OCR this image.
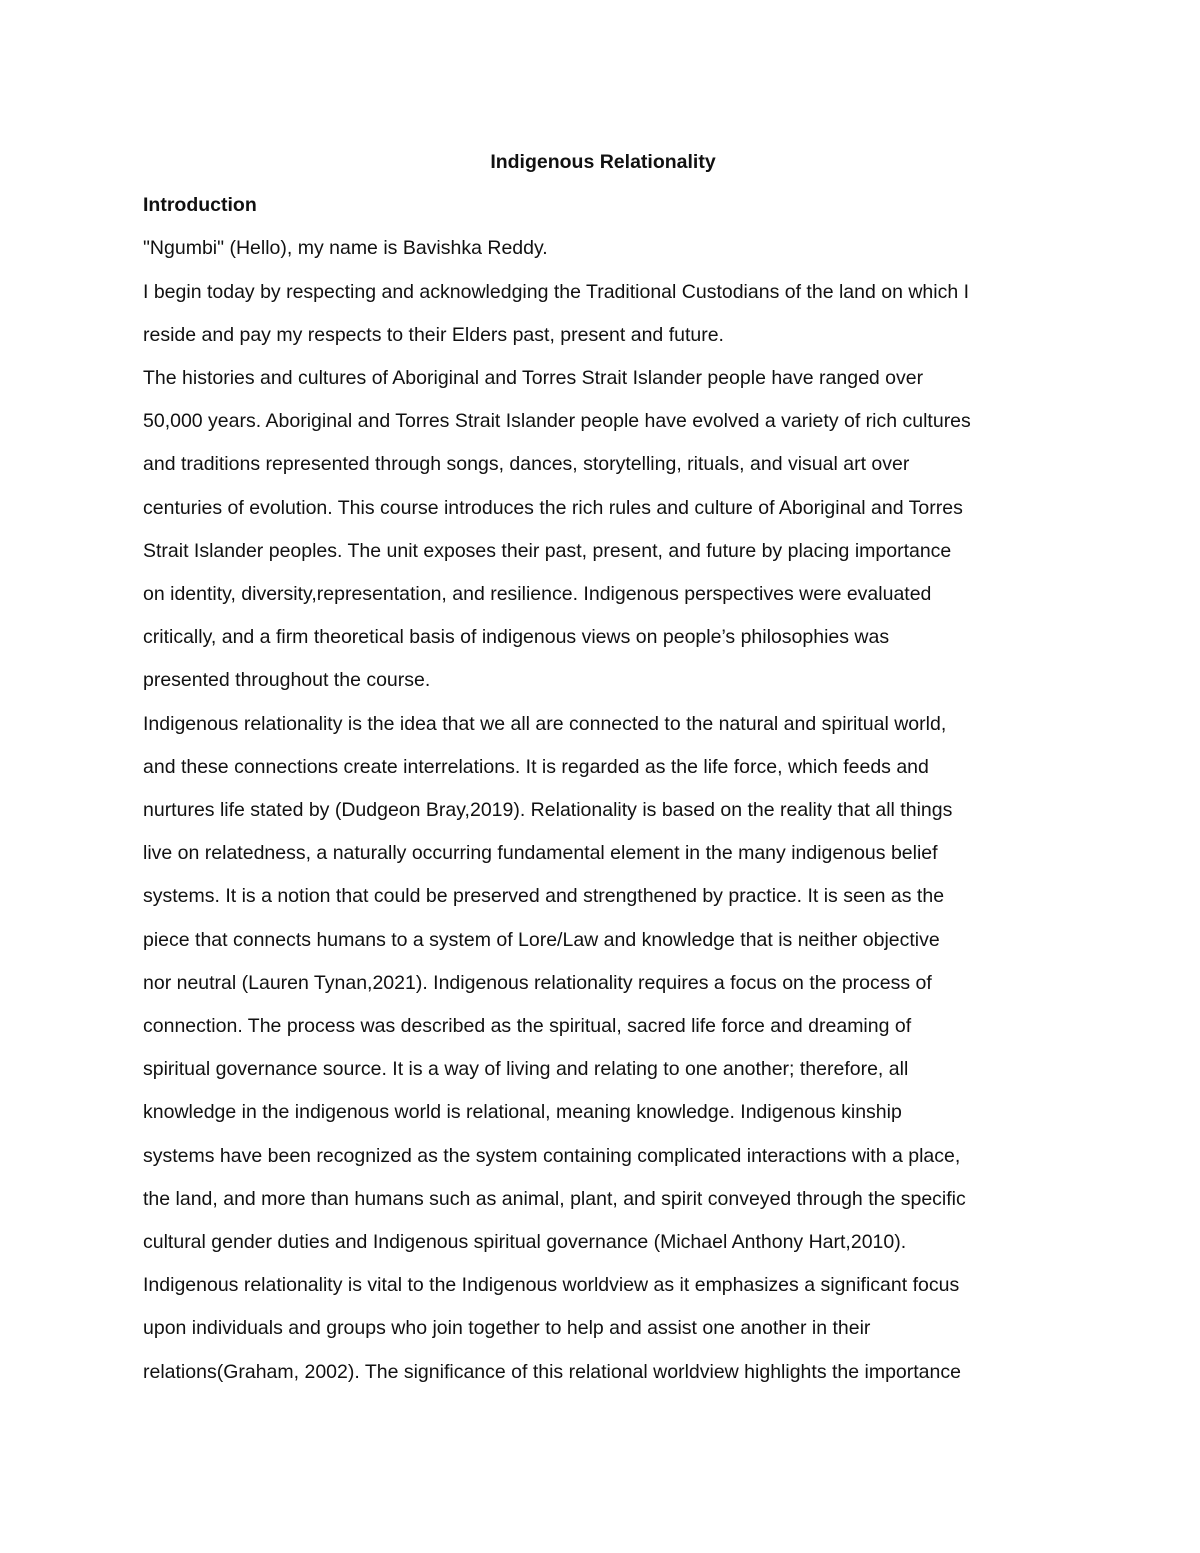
Indigenous Relationality

Introduction

"Ngumbi" (Hello), my name is Bavishka Reddy.

I begin today by respecting and acknowledging the Traditional Custodians of the land on which I

reside and pay my respects to their Elders past, present and future.

The histories and cultures of Aboriginal and Torres Strait Islander people have ranged over

50,000 years. Aboriginal and Torres Strait Islander people have evolved a variety of rich cultures

and traditions represented through songs, dances, storytelling, rituals, and visual art over

centuries of evolution. This course introduces the rich rules and culture of Aboriginal and Torres

Strait Islander peoples. The unit exposes their past, present, and future by placing importance

on identity, diversity,representation, and resilience. Indigenous perspectives were evaluated

critically, and a firm theoretical basis of indigenous views on people’s philosophies was

presented throughout the course.

Indigenous relationality is the idea that we all are connected to the natural and spiritual world,

and these connections create interrelations. It is regarded as the life force, which feeds and

nurtures life stated by (Dudgeon Bray,2019). Relationality is based on the reality that all things

live on relatedness, a naturally occurring fundamental element in the many indigenous belief

systems. It is a notion that could be preserved and strengthened by practice. It is seen as the

piece that connects humans to a system of Lore/Law and knowledge that is neither objective

nor neutral (Lauren Tynan,2021). Indigenous relationality requires a focus on the process of

connection. The process was described as the spiritual, sacred life force and dreaming of

spiritual governance source. It is a way of living and relating to one another; therefore, all

knowledge in the indigenous world is relational, meaning knowledge. Indigenous kinship

systems have been recognized as the system containing complicated interactions with a place,

the land, and more than humans such as animal, plant, and spirit conveyed through the specific

cultural gender duties and Indigenous spiritual governance (Michael Anthony Hart,2010).

Indigenous relationality is vital to the Indigenous worldview as it emphasizes a significant focus

upon individuals and groups who join together to help and assist one another in their

relations(Graham, 2002). The significance of this relational worldview highlights the importance
